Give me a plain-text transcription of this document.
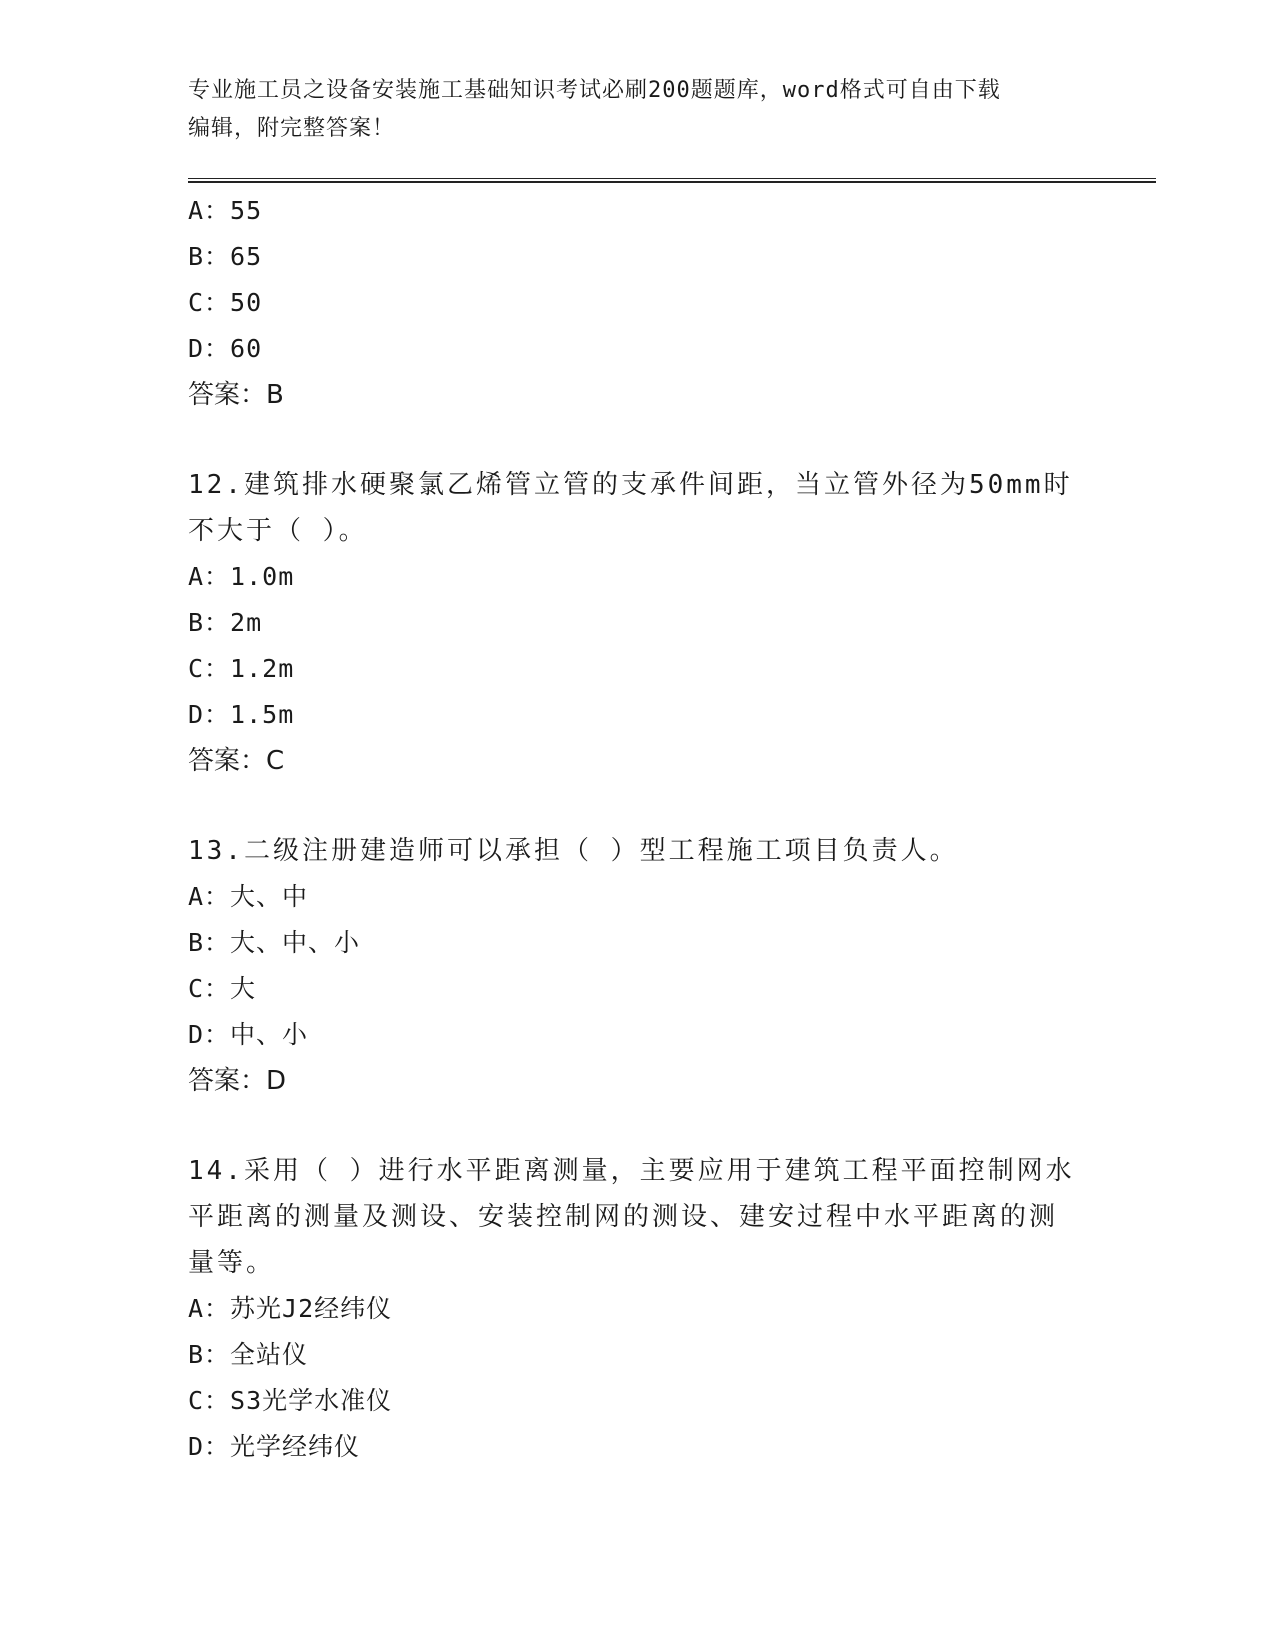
专业施工员之设备安装施工基础知识考试必刷200题题库，word格式可自由下载
编辑，附完整答案！
A：55
B：65
C：50
D：60
答案：B
12.建筑排水硬聚氯乙烯管立管的支承件间距，当立管外径为50mm时
不大于（ ）。
A：1.0m
B：2m
C：1.2m
D：1.5m
答案：C
13.二级注册建造师可以承担（ ）型工程施工项目负责人。
A：大、中
B：大、中、小
C：大
D：中、小
答案：D
14.采用（ ）进行水平距离测量，主要应用于建筑工程平面控制网水
平距离的测量及测设、安装控制网的测设、建安过程中水平距离的测
量等。
A：苏光J2经纬仪
B：全站仪
C：S3光学水准仪
D：光学经纬仪
